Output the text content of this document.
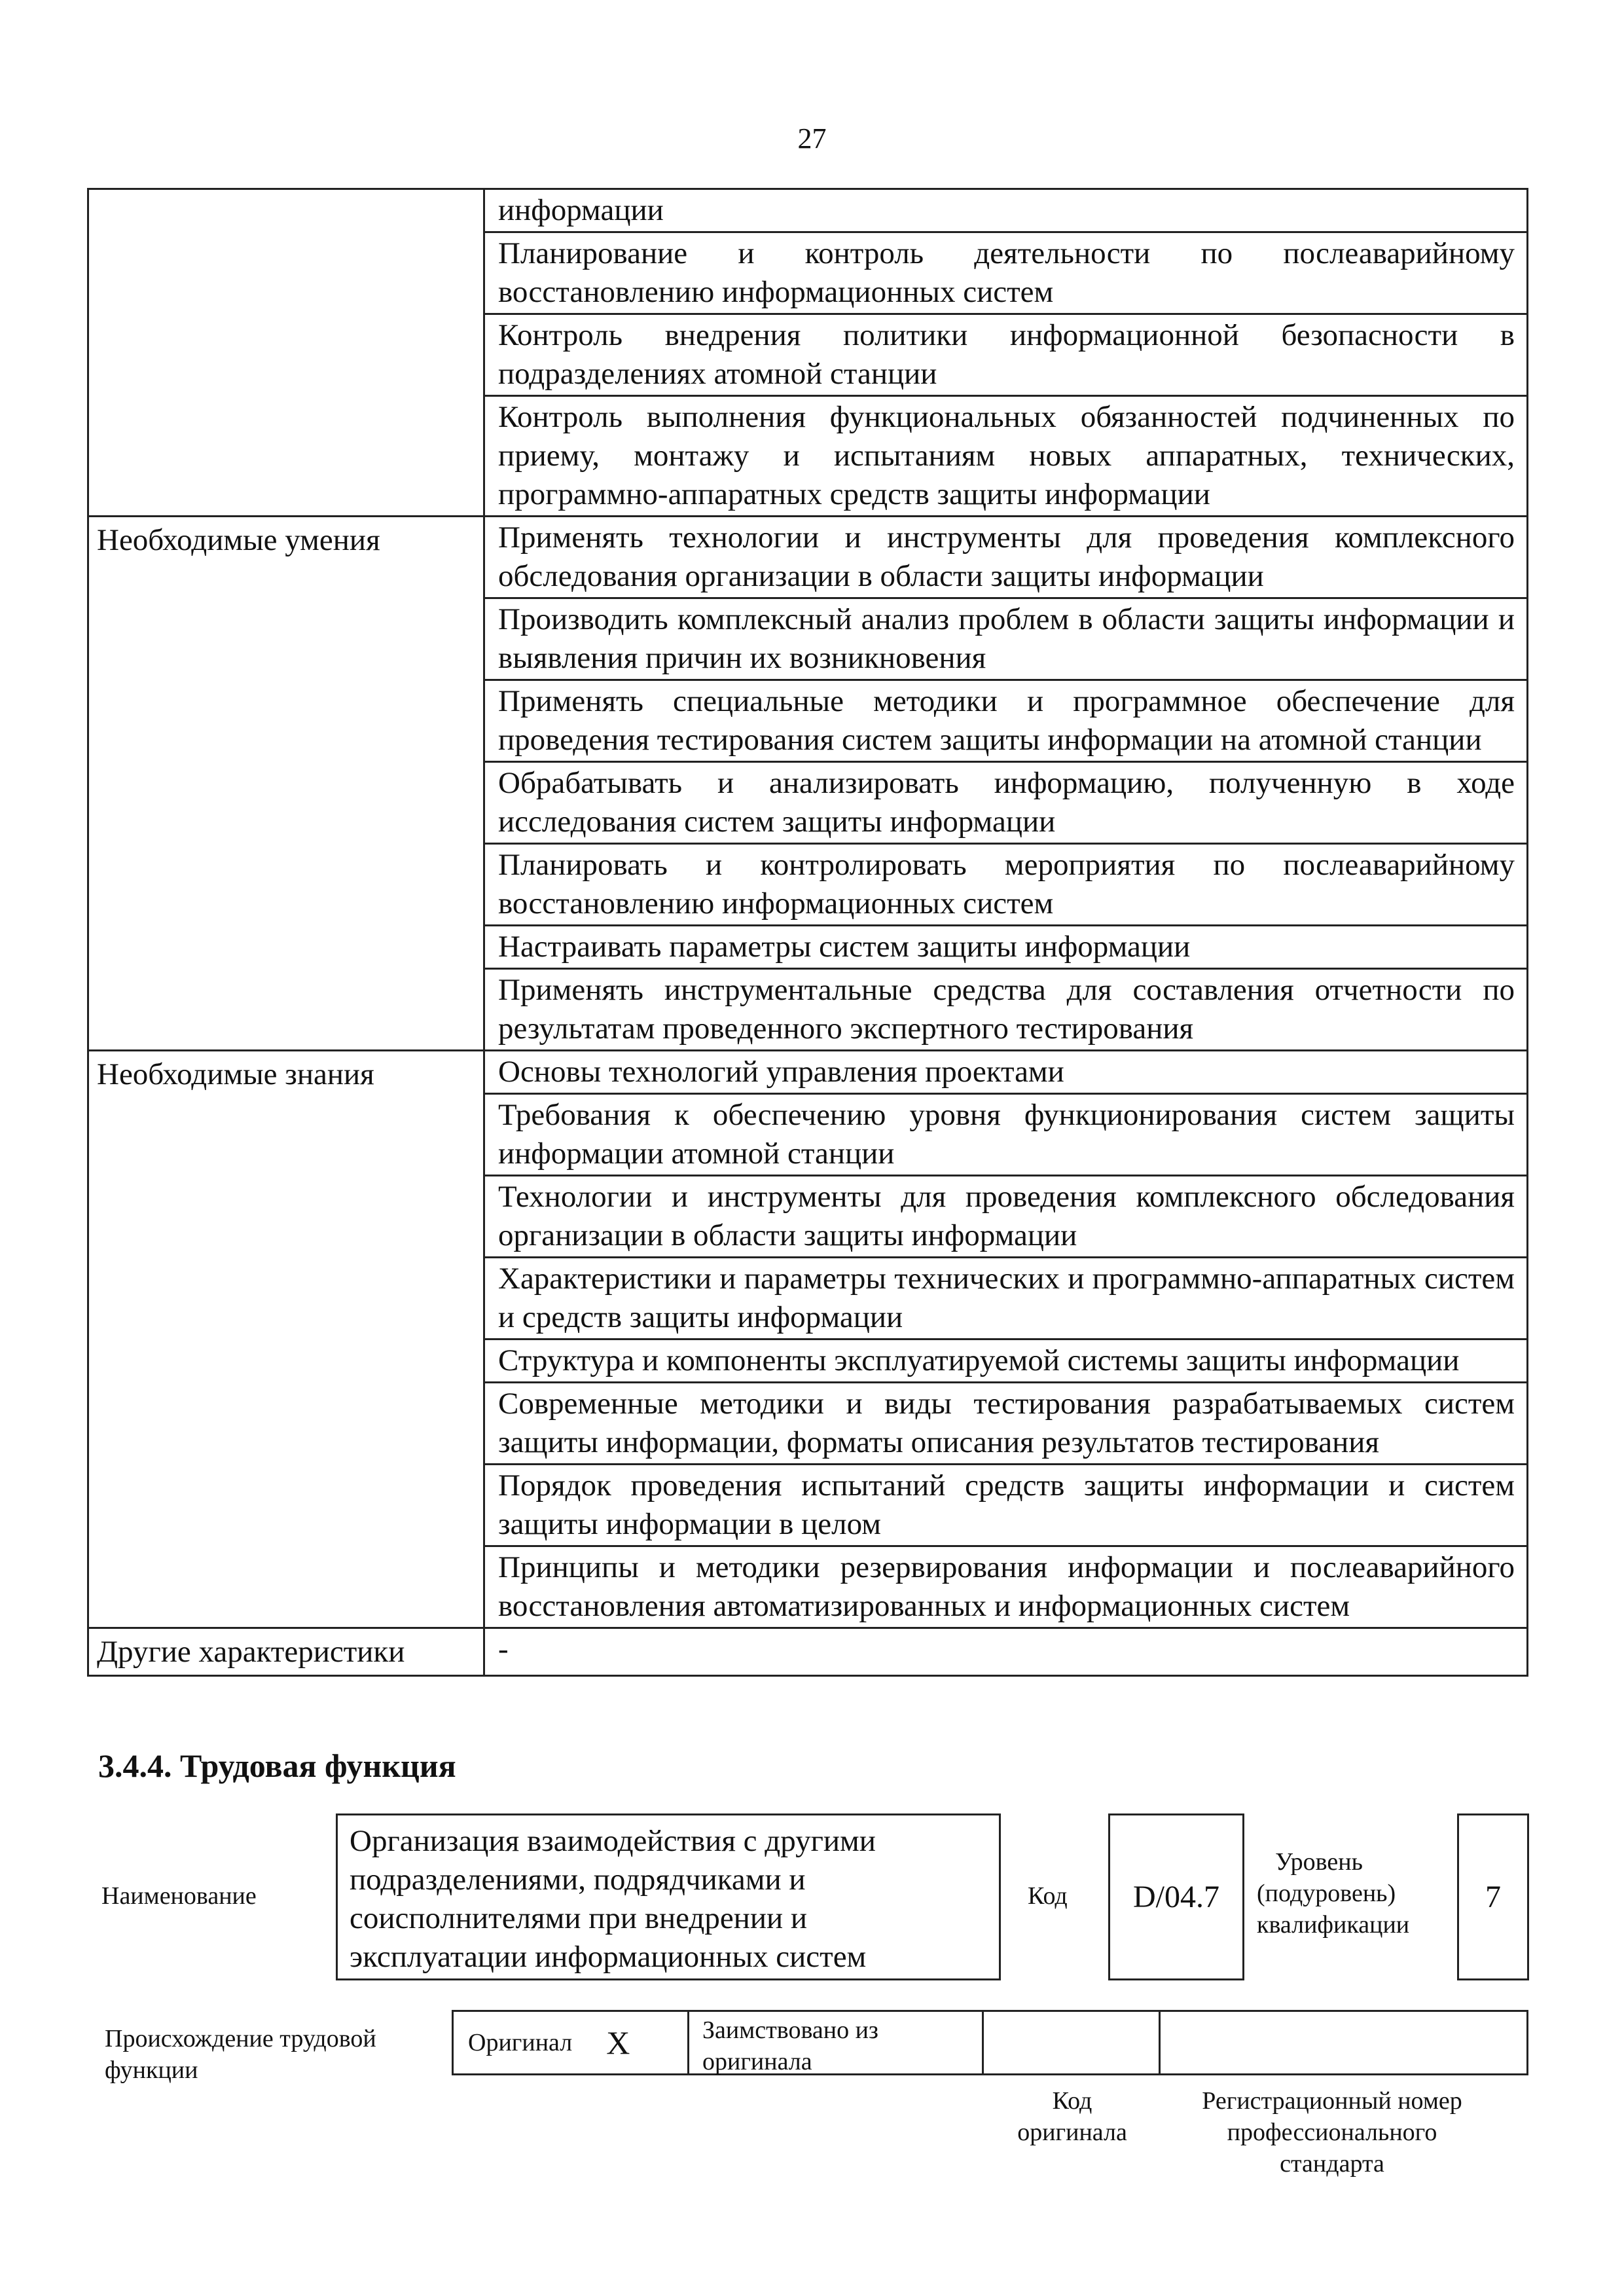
27

	информации

	Планирование и контроль деятельности по послеаварийному восстановлению информационных систем

	Контроль внедрения политики информационной безопасности в подразделениях атомной станции

	Контроль выполнения функциональных обязанностей подчиненных по приему, монтажу и испытаниям новых аппаратных, технических, программно-аппаратных средств защиты информации

Необходимые умения	Применять технологии и инструменты для проведения комплексного обследования организации в области защиты информации

	Производить комплексный анализ проблем в области защиты информации и выявления причин их возникновения

	Применять специальные методики и программное обеспечение для проведения тестирования систем защиты информации на атомной станции

	Обрабатывать и анализировать информацию, полученную в ходе исследования систем защиты информации

	Планировать и контролировать мероприятия по послеаварийному восстановлению информационных систем

	Настраивать параметры систем защиты информации

	Применять инструментальные средства для составления отчетности по результатам проведенного экспертного тестирования

Необходимые знания	Основы технологий управления проектами

	Требования к обеспечению уровня функционирования систем защиты информации атомной станции

	Технологии и инструменты для проведения комплексного обследования организации в области защиты информации

	Характеристики и параметры технических и программно-аппаратных систем и средств защиты информации

	Структура и компоненты эксплуатируемой системы защиты информации

	Современные методики и виды тестирования разрабатываемых систем защиты информации, форматы описания результатов тестирования

	Порядок проведения испытаний средств защиты информации и систем защиты информации в целом

	Принципы и методики резервирования информации и послеаварийного восстановления автоматизированных и информационных систем

Другие характеристики	-
3.4.4. Трудовая функция
Наименование
Организация взаимодействия с другими подразделениями, подрядчиками и соисполнителями при внедрении и эксплуатации информационных систем
Код	D/04.7
Уровень (подуровень) квалификации
7
Происхождение трудовой функции
Оригинал X	Заимствовано из оригинала
Код оригинала
Регистрационный номер профессионального стандарта
